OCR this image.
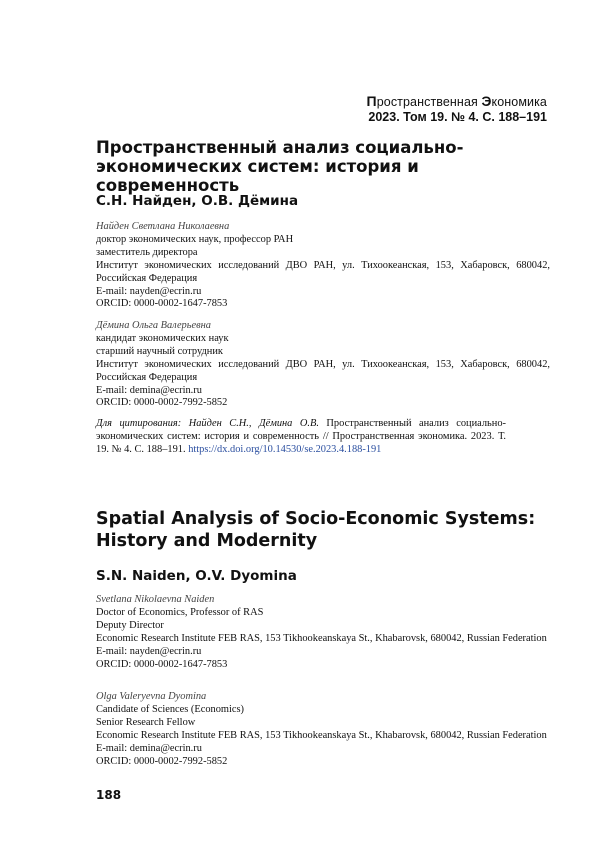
Пространственная Экономика
2023. Том 19. № 4. С. 188–191
Пространственный анализ социально-
экономических систем: история и современность
С.Н. Найден, О.В. Дёмина
Найден Светлана Николаевна
доктор экономических наук, профессор РАН
заместитель директора
Институт экономических исследований ДВО РАН, ул. Тихоокеанская, 153, Хабаровск, 680042, Российская Федерация
E-mail: nayden@ecrin.ru
ORCID: 0000-0002-1647-7853
Дёмина Ольга Валерьевна
кандидат экономических наук
старший научный сотрудник
Институт экономических исследований ДВО РАН, ул. Тихоокеанская, 153, Хабаровск, 680042, Российская Федерация
E-mail: demina@ecrin.ru
ORCID: 0000-0002-7992-5852
Для цитирования: Найден С.Н., Дёмина О.В. Пространственный анализ социально-экономических систем: история и современность // Пространственная экономика. 2023. Т. 19. № 4. С. 188–191. https://dx.doi.org/10.14530/se.2023.4.188-191
Spatial Analysis of Socio-Economic Systems:
History and Modernity
S.N. Naiden, O.V. Dyomina
Svetlana Nikolaevna Naiden
Doctor of Economics, Professor of RAS
Deputy Director
Economic Research Institute FEB RAS, 153 Tikhookeanskaya St., Khabarovsk, 680042, Russian Federation
E-mail: nayden@ecrin.ru
ORCID: 0000-0002-1647-7853
Olga Valeryevna Dyomina
Candidate of Sciences (Economics)
Senior Research Fellow
Economic Research Institute FEB RAS, 153 Tikhookeanskaya St., Khabarovsk, 680042, Russian Federation
E-mail: demina@ecrin.ru
ORCID: 0000-0002-7992-5852
188
